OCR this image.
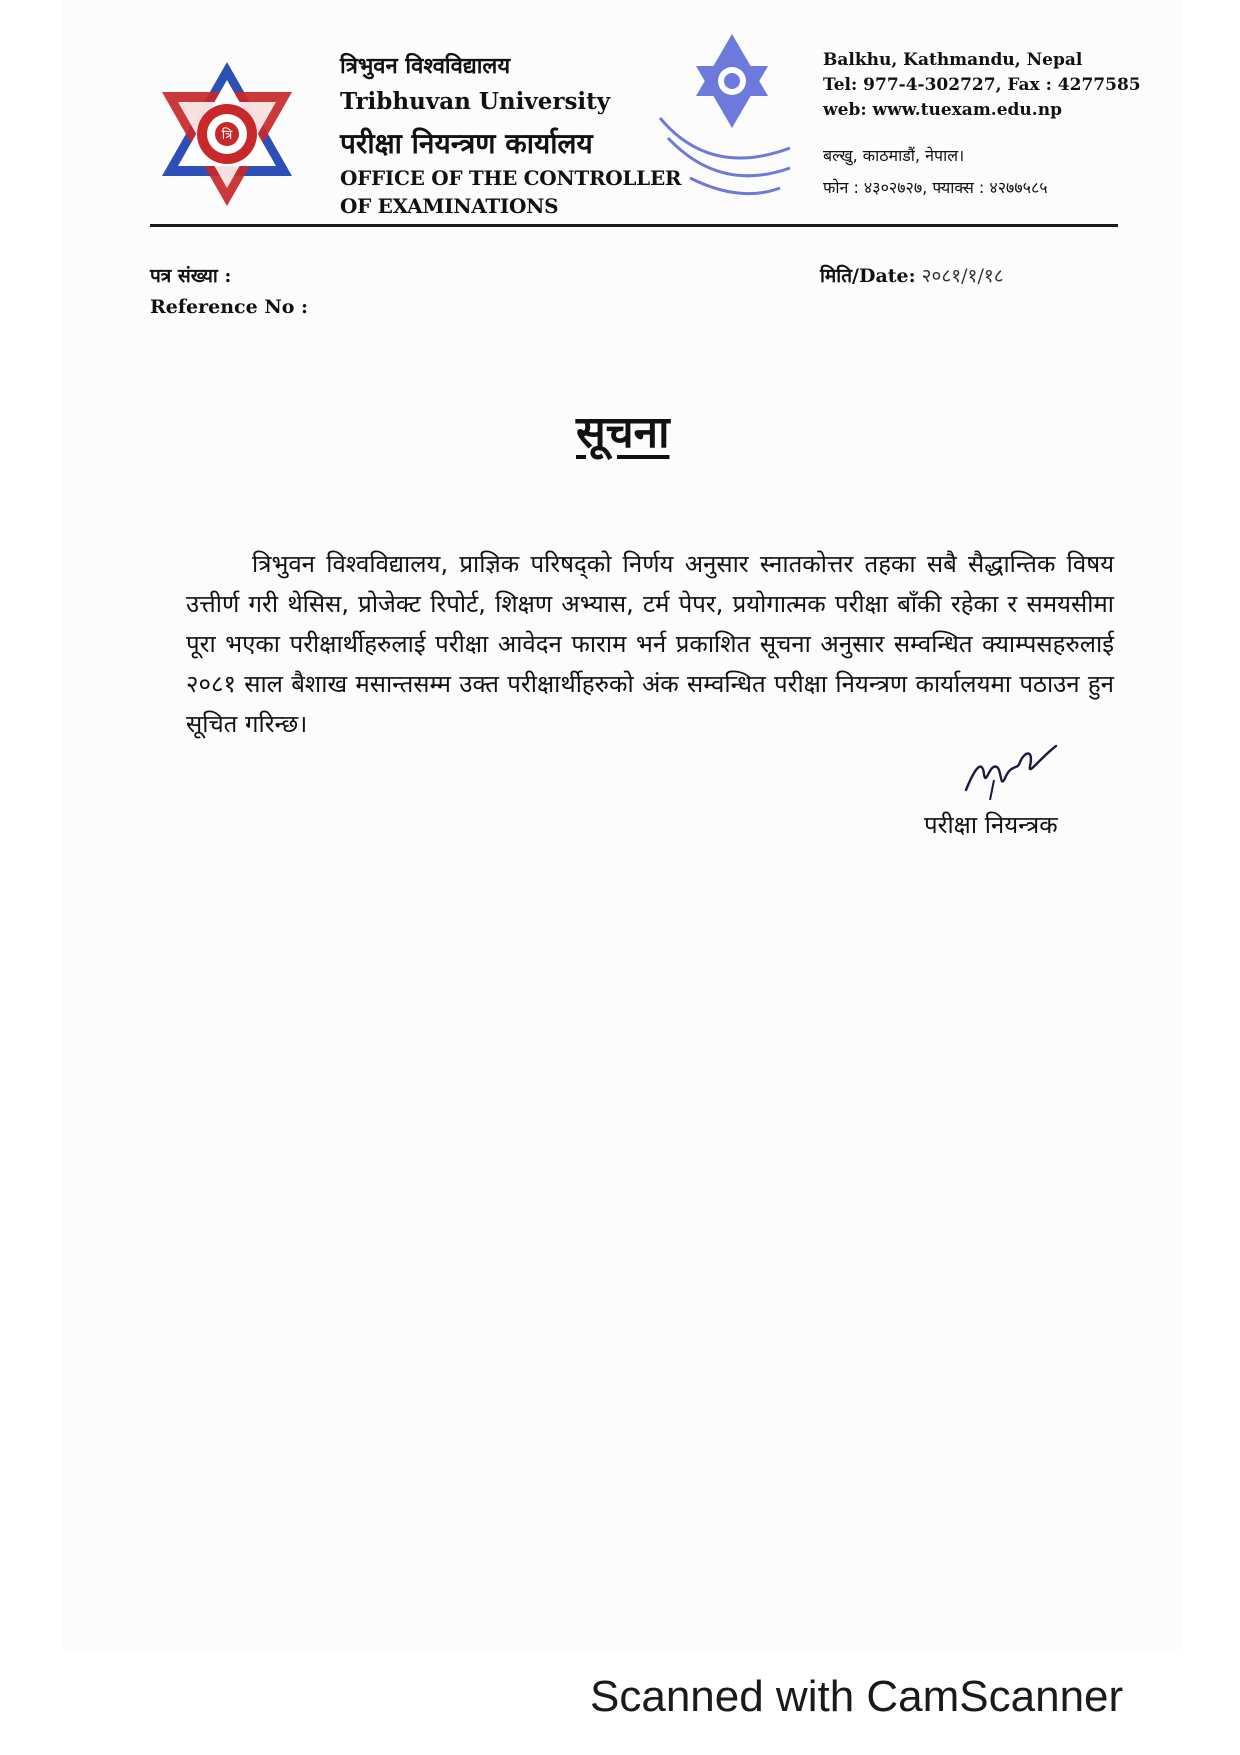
त्रि
त्रिभुवन विश्वविद्यालय
Tribhuvan University
परीक्षा नियन्त्रण कार्यालय
OFFICE OF THE CONTROLLER
OF EXAMINATIONS
Balkhu, Kathmandu, Nepal
Tel: 977-4-302727, Fax : 4277585
web: www.tuexam.edu.np
बल्खु, काठमाडौं, नेपाल।
फोन : ४३०२७२७, फ्याक्स : ४२७७५८५
पत्र संख्या :
Reference No :
मिति/Date: २०८१/१/१८
सूचना

त्रिभुवन विश्वविद्यालय, प्राज्ञिक परिषद्को निर्णय अनुसार स्नातकोत्तर तहका सबै सैद्धान्तिक विषय उत्तीर्ण गरी थेसिस, प्रोजेक्ट रिपोर्ट, शिक्षण अभ्यास, टर्म पेपर, प्रयोगात्मक परीक्षा बाँकी रहेका र समयसीमा पूरा भएका परीक्षार्थीहरुलाई परीक्षा आवेदन फाराम भर्न प्रकाशित सूचना अनुसार सम्वन्धित क्याम्पसहरुलाई २०८१ साल बैशाख मसान्तसम्म उक्त परीक्षार्थीहरुको अंक सम्वन्धित परीक्षा नियन्त्रण कार्यालयमा पठाउन हुन सूचित गरिन्छ।

परीक्षा नियन्त्रक
Scanned with CamScanner
